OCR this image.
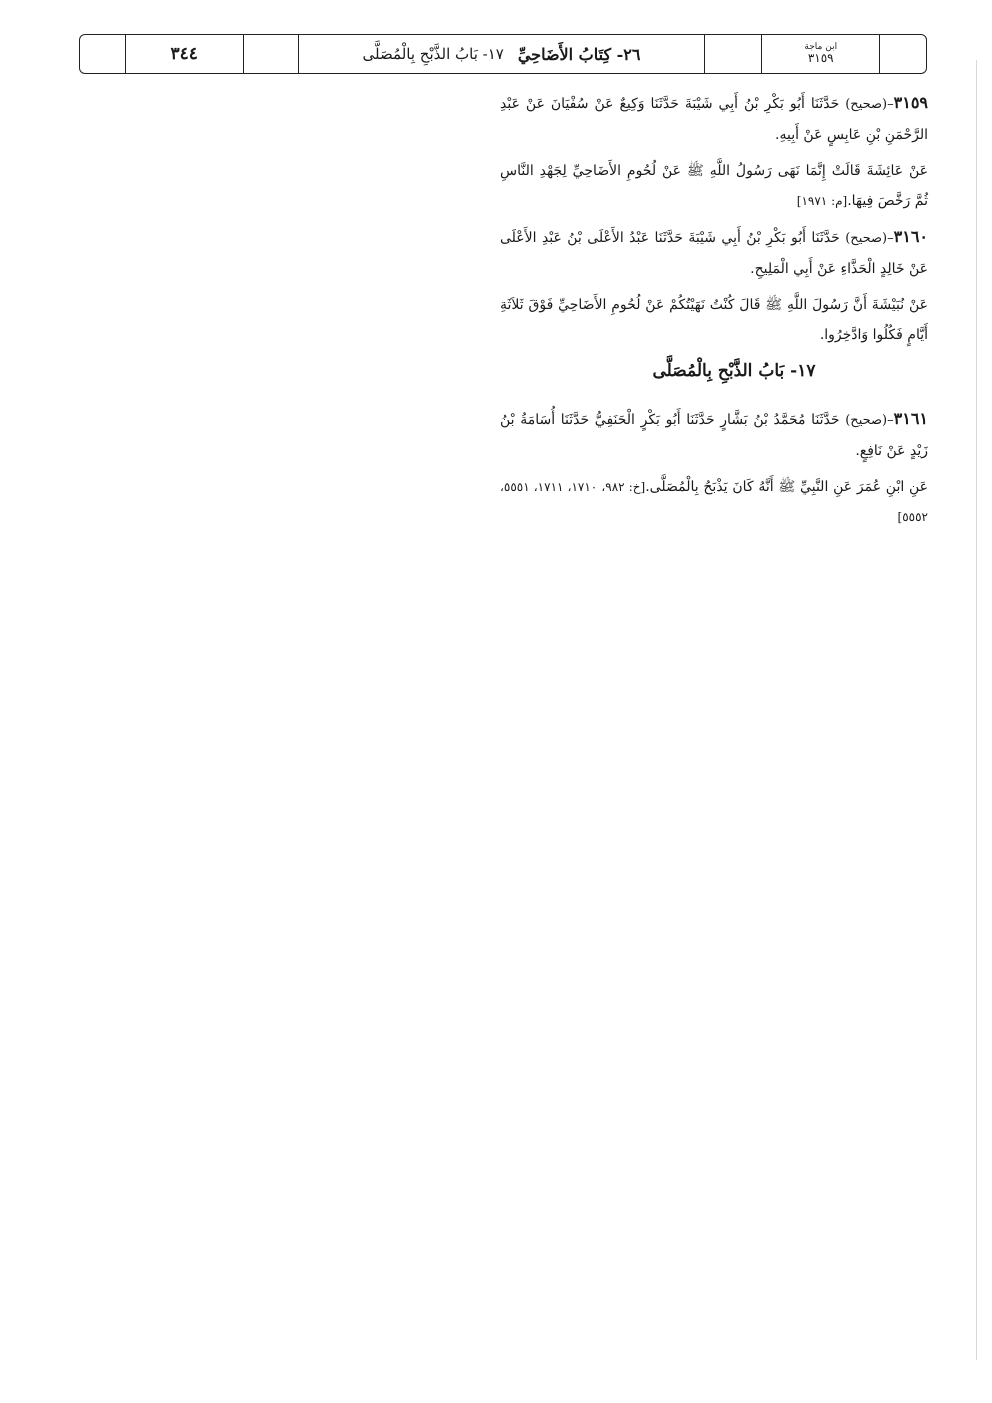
٣٤٤	٢٦- كِتَابُ الأَضَاحِيِّ
١٧- بَابُ الذَّبْحِ بِالْمُصَلَّى	ابن ماجة
٣١٥٩

٣١٥٩–(صحيح) حَدَّثَنَا أَبُو بَكْرِ بْنُ أَبِي شَيْبَةَ حَدَّثَنَا وَكِيعٌ عَنْ سُفْيَانَ عَنْ عَبْدِ الرَّحْمَنِ بْنِ عَابِسٍ عَنْ أَبِيهِ.

عَنْ عَائِشَةَ قَالَتْ إِنَّمَا نَهَى رَسُولُ اللَّهِ ﷺ عَنْ لُحُومِ الأَضَاحِيِّ لِجَهْدِ النَّاسِ ثُمَّ رَخَّصَ فِيهَا.[م: ١٩٧١]

٣١٦٠–(صحيح) حَدَّثَنَا أَبُو بَكْرِ بْنُ أَبِي شَيْبَةَ حَدَّثَنَا عَبْدُ الأَعْلَى بْنُ عَبْدِ الأَعْلَى عَنْ خَالِدٍ الْحَذَّاءِ عَنْ أَبِي الْمَلِيحِ.

عَنْ نُبَيْشَةَ أَنَّ رَسُولَ اللَّهِ ﷺ قَالَ كُنْتُ نَهَيْتُكُمْ عَنْ لُحُومِ الأَضَاحِيِّ فَوْقَ ثَلاَثَةِ أَيَّامٍ فَكُلُوا وَادَّخِرُوا.

١٧- بَابُ الذَّبْحِ بِالْمُصَلَّى

٣١٦١–(صحيح) حَدَّثَنَا مُحَمَّدُ بْنُ بَشَّارٍ حَدَّثَنَا أَبُو بَكْرٍ الْحَنَفِيُّ حَدَّثَنَا أُسَامَةُ بْنُ زَيْدٍ عَنْ نَافِعٍ.

عَنِ ابْنِ عُمَرَ عَنِ النَّبِيِّ ﷺ أَنَّهُ كَانَ يَذْبَحُ بِالْمُصَلَّى.[خ: ٩٨٢، ١٧١٠، ١٧١١، ٥٥٥١، ٥٥٥٢]
